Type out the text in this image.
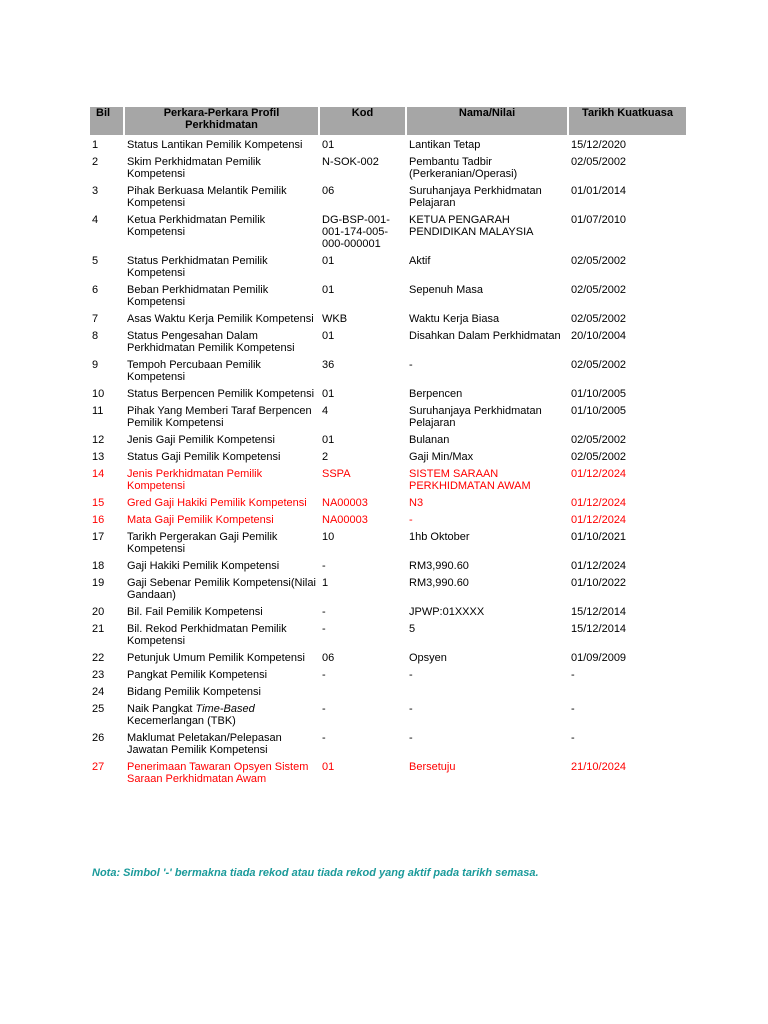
Bil	Perkara-Perkara Profil Perkhidmatan	Kod	Nama/Nilai	Tarikh Kuatkuasa
1	Status Lantikan Pemilik Kompetensi	01	Lantikan Tetap	15/12/2020
2	Skim Perkhidmatan Pemilik Kompetensi	N-SOK-002	Pembantu Tadbir (Perkeranian/Operasi)	02/05/2002
3	Pihak Berkuasa Melantik Pemilik Kompetensi	06	Suruhanjaya Perkhidmatan Pelajaran	01/01/2014
4	Ketua Perkhidmatan Pemilik Kompetensi	DG-BSP-001-001-174-005-000-000001	KETUA PENGARAH PENDIDIKAN MALAYSIA	01/07/2010
5	Status Perkhidmatan Pemilik Kompetensi	01	Aktif	02/05/2002
6	Beban Perkhidmatan Pemilik Kompetensi	01	Sepenuh Masa	02/05/2002
7	Asas Waktu Kerja Pemilik Kompetensi	WKB	Waktu Kerja Biasa	02/05/2002
8	Status Pengesahan Dalam Perkhidmatan Pemilik Kompetensi	01	Disahkan Dalam Perkhidmatan	20/10/2004
9	Tempoh Percubaan Pemilik Kompetensi	36	-	02/05/2002
10	Status Berpencen Pemilik Kompetensi	01	Berpencen	01/10/2005
11	Pihak Yang Memberi Taraf Berpencen Pemilik Kompetensi	4	Suruhanjaya Perkhidmatan Pelajaran	01/10/2005
12	Jenis Gaji Pemilik Kompetensi	01	Bulanan	02/05/2002
13	Status Gaji Pemilik Kompetensi	2	Gaji Min/Max	02/05/2002
14	Jenis Perkhidmatan Pemilik Kompetensi	SSPA	SISTEM SARAAN PERKHIDMATAN AWAM	01/12/2024
15	Gred Gaji Hakiki Pemilik Kompetensi	NA00003	N3	01/12/2024
16	Mata Gaji Pemilik Kompetensi	NA00003	-	01/12/2024
17	Tarikh Pergerakan Gaji Pemilik Kompetensi	10	1hb Oktober	01/10/2021
18	Gaji Hakiki Pemilik Kompetensi	-	RM3,990.60	01/12/2024
19	Gaji Sebenar Pemilik Kompetensi(Nilai Gandaan)	1	RM3,990.60	01/10/2022
20	Bil. Fail Pemilik Kompetensi	-	JPWP:01XXXX	15/12/2014
21	Bil. Rekod Perkhidmatan Pemilik Kompetensi	-	5	15/12/2014
22	Petunjuk Umum Pemilik Kompetensi	06	Opsyen	01/09/2009
23	Pangkat Pemilik Kompetensi	-	-	-
24	Bidang Pemilik Kompetensi			
25	Naik Pangkat Time-Based Kecemerlangan (TBK)	-	-	-
26	Maklumat Peletakan/Pelepasan Jawatan Pemilik Kompetensi	-	-	-
27	Penerimaan Tawaran Opsyen Sistem Saraan Perkhidmatan Awam	01	Bersetuju	21/10/2024
Nota: Simbol '-' bermakna tiada rekod atau tiada rekod yang aktif pada tarikh semasa.
